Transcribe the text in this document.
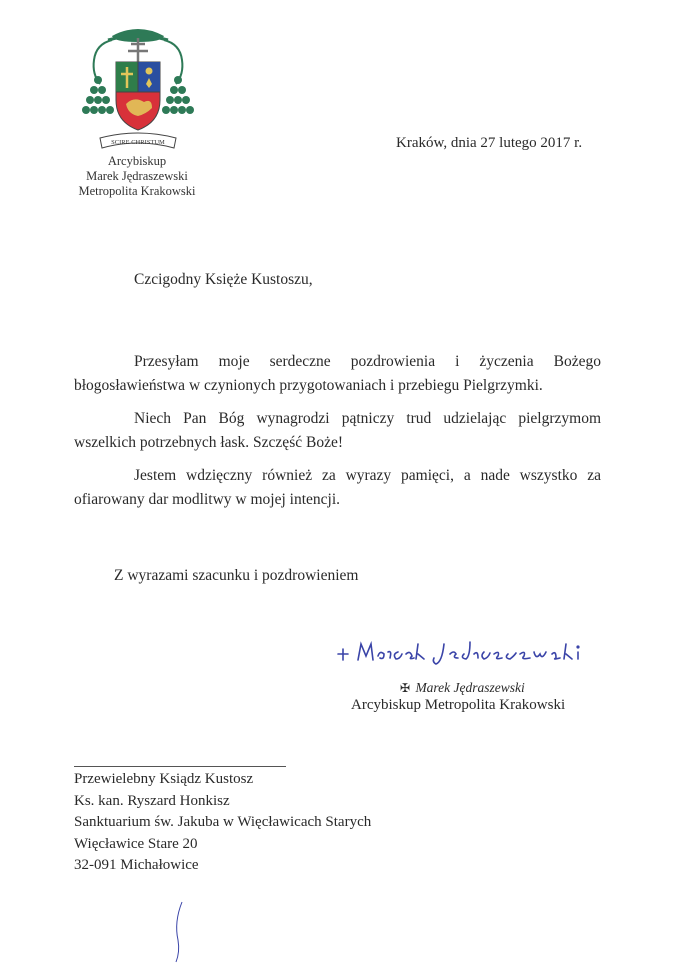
SCIRE CHRISTUM
Arcybiskup
Marek Jędraszewski
Metropolita Krakowski
Kraków, dnia 27 lutego 2017 r.
Czcigodny Księże Kustoszu,

Przesyłam moje serdeczne pozdrowienia i życzenia Bożego błogosławieństwa w czynionych przygotowaniach i przebiegu Pielgrzymki.

Niech Pan Bóg wynagrodzi pątniczy trud udzielając pielgrzymom wszelkich potrzebnych łask. Szczęść Boże!

Jestem wdzięczny również za wyrazy pamięci, a nade wszystko za ofiarowany dar modlitwy w mojej intencji.

Z wyrazami szacunku i pozdrowieniem
✠ Marek Jędraszewski
Arcybiskup Metropolita Krakowski
Przewielebny Ksiądz Kustosz
Ks. kan. Ryszard Honkisz
Sanktuarium św. Jakuba w Więcławicach Starych
Więcławice Stare 20
32-091 Michałowice
